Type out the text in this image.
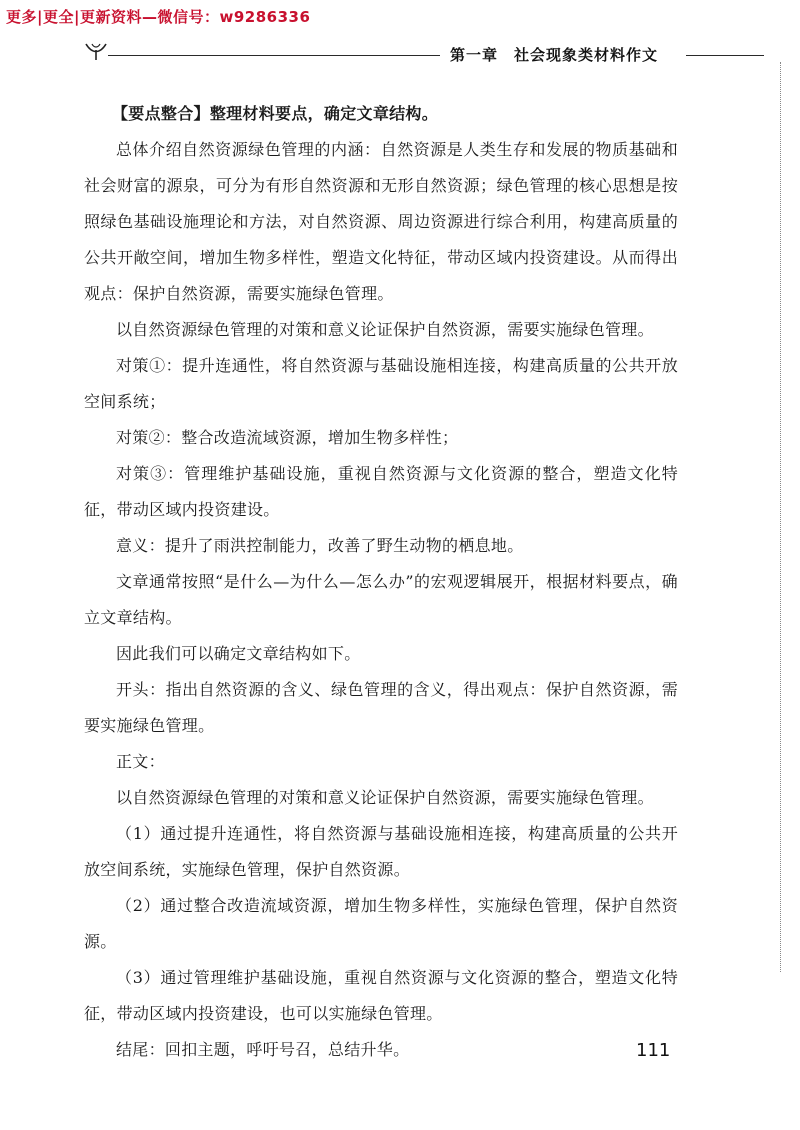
更多|更全|更新资料—微信号：w9286336
第一章　社会现象类材料作文

【要点整合】整理材料要点，确定文章结构。

总体介绍自然资源绿色管理的内涵：自然资源是人类生存和发展的物质基础和社会财富的源泉，可分为有形自然资源和无形自然资源；绿色管理的核心思想是按照绿色基础设施理论和方法，对自然资源、周边资源进行综合利用，构建高质量的公共开敞空间，增加生物多样性，塑造文化特征，带动区域内投资建设。从而得出观点：保护自然资源，需要实施绿色管理。

以自然资源绿色管理的对策和意义论证保护自然资源，需要实施绿色管理。

对策①：提升连通性，将自然资源与基础设施相连接，构建高质量的公共开放空间系统；

对策②：整合改造流域资源，增加生物多样性；

对策③：管理维护基础设施，重视自然资源与文化资源的整合，塑造文化特征，带动区域内投资建设。

意义：提升了雨洪控制能力，改善了野生动物的栖息地。

文章通常按照“是什么—为什么—怎么办”的宏观逻辑展开，根据材料要点，确立文章结构。

因此我们可以确定文章结构如下。

开头：指出自然资源的含义、绿色管理的含义，得出观点：保护自然资源，需要实施绿色管理。

正文：

以自然资源绿色管理的对策和意义论证保护自然资源，需要实施绿色管理。

（1）通过提升连通性，将自然资源与基础设施相连接，构建高质量的公共开放空间系统，实施绿色管理，保护自然资源。

（2）通过整合改造流域资源，增加生物多样性，实施绿色管理，保护自然资源。

（3）通过管理维护基础设施，重视自然资源与文化资源的整合，塑造文化特征，带动区域内投资建设，也可以实施绿色管理。

结尾：回扣主题，呼吁号召，总结升华。	111
